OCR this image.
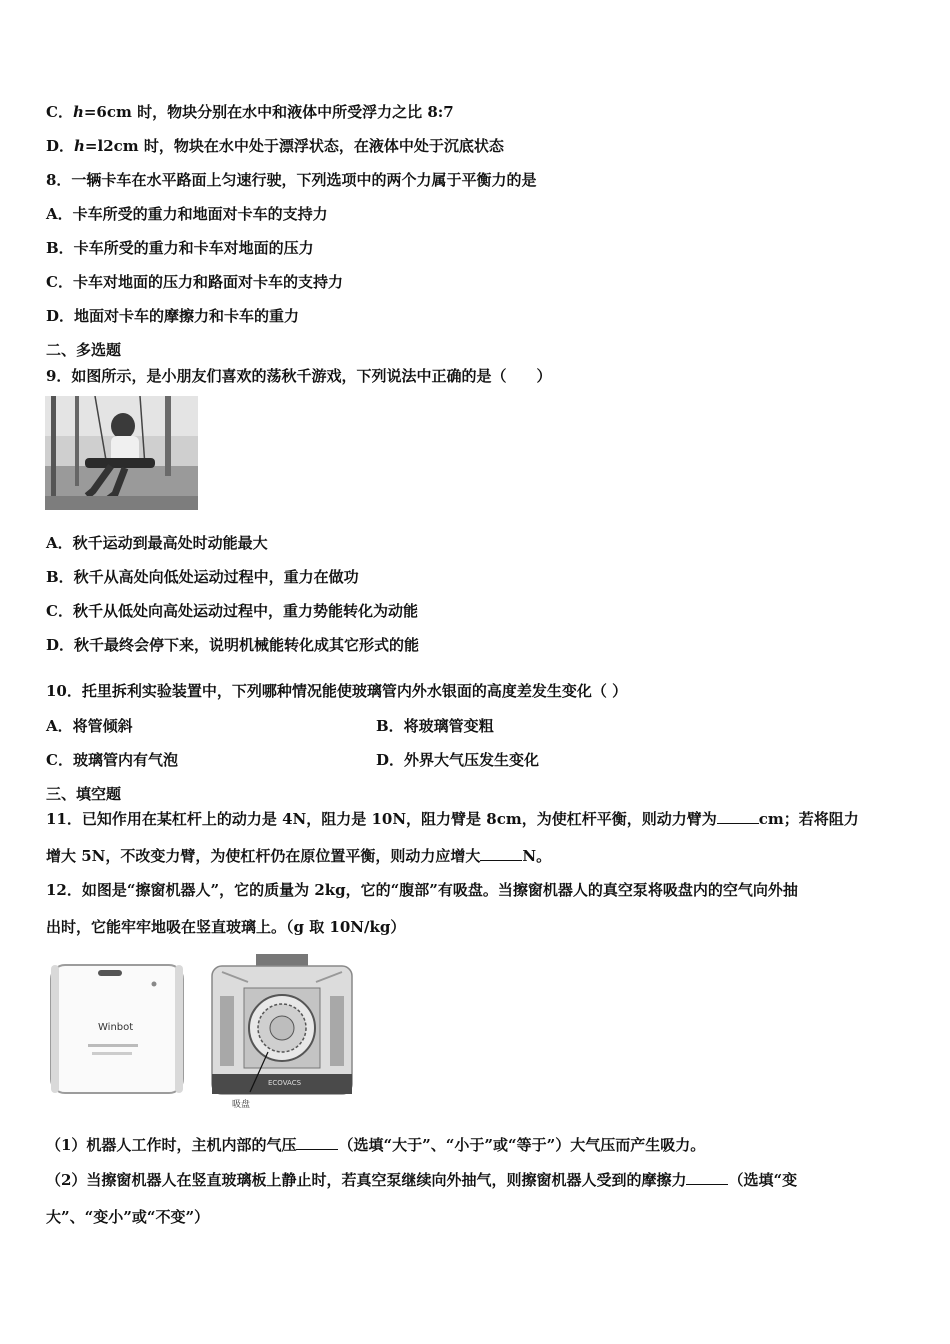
C．h=6cm 时，物块分别在水中和液体中所受浮力之比 8:7
D．h=l2cm 时，物块在水中处于漂浮状态，在液体中处于沉底状态
8．一辆卡车在水平路面上匀速行驶，下列选项中的两个力属于平衡力的是
A．卡车所受的重力和地面对卡车的支持力
B．卡车所受的重力和卡车对地面的压力
C．卡车对地面的压力和路面对卡车的支持力
D．地面对卡车的摩擦力和卡车的重力
二、多选题
9．如图所示，是小朋友们喜欢的荡秋千游戏，下列说法中正确的是（　　）
A．秋千运动到最高处时动能最大
B．秋千从高处向低处运动过程中，重力在做功
C．秋千从低处向高处运动过程中，重力势能转化为动能
D．秋千最终会停下来，说明机械能转化成其它形式的能
10．托里拆利实验装置中，下列哪种情况能使玻璃管内外水银面的高度差发生变化（ ）
A．将管倾斜	B．将玻璃管变粗
C．玻璃管内有气泡	D．外界大气压发生变化
三、填空题
11．已知作用在某杠杆上的动力是 4N，阻力是 10N，阻力臂是 8cm，为使杠杆平衡，则动力臂为	cm；若将阻力
增大 5N，不改变力臂，为使杠杆仍在原位置平衡，则动力应增大	N。
12．如图是“擦窗机器人”，它的质量为 2kg，它的“腹部”有吸盘。当擦窗机器人的真空泵将吸盘内的空气向外抽
出时，它能牢牢地吸在竖直玻璃上。（g 取 10N/kg）
Winbot
ECOVACS
吸盘
（1）机器人工作时，主机内部的气压	（选填“大于”、“小于”或“等于”）大气压而产生吸力。
（2）当擦窗机器人在竖直玻璃板上静止时，若真空泵继续向外抽气，则擦窗机器人受到的摩擦力	（选填“变
大”、“变小”或“不变”）
